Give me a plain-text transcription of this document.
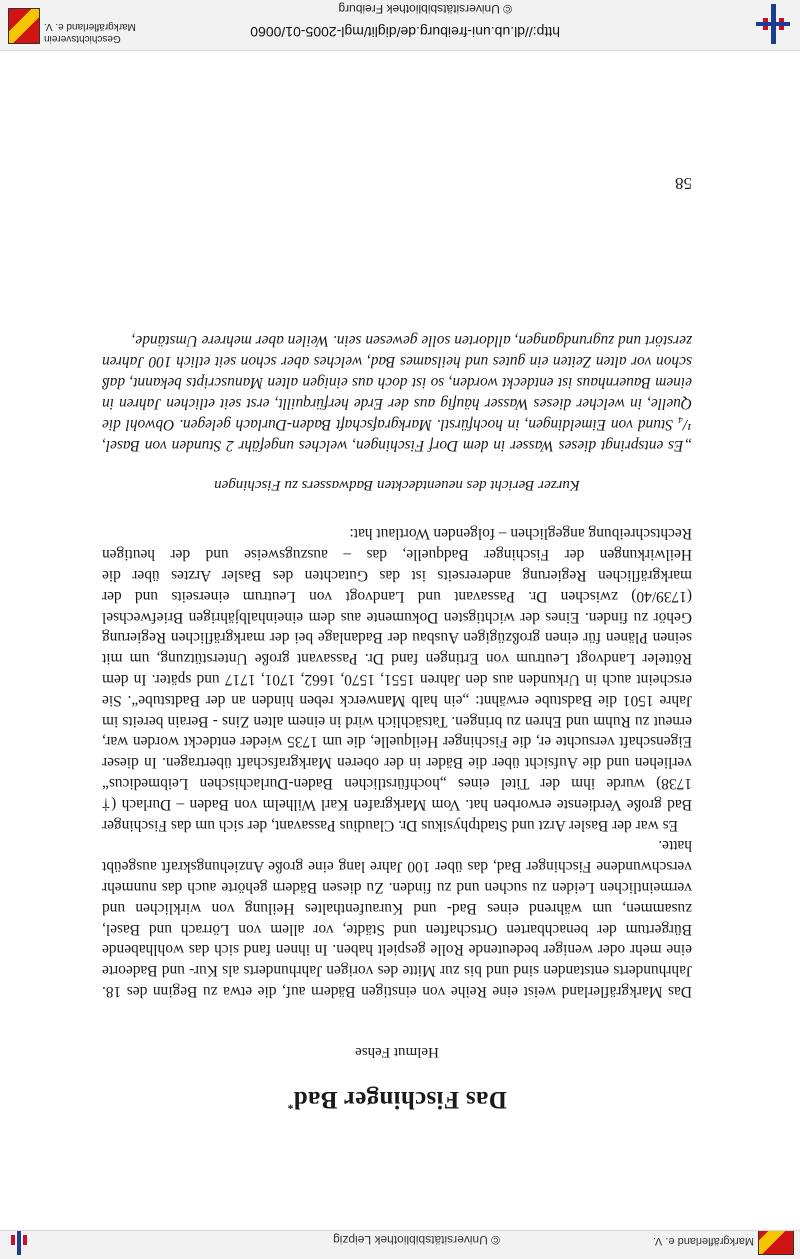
Markgräflerland e. V.
© Universitätsbibliothek Leipzig
Das Fischinger Bad*
Helmut Fehse

Das Markgräflerland weist eine Reihe von einstigen Bädern auf, die etwa zu Beginn des 18. Jahrhunderts entstanden sind und bis zur Mitte des vorigen Jahrhunderts als Kur- und Badeorte eine mehr oder weniger bedeutende Rolle gespielt haben. In ihnen fand sich das wohlhabende Bürgertum der benachbarten Ortschaften und Städte, vor allem von Lörrach und Basel, zusammen, um während eines Bad- und Kuraufenthaltes Heilung von wirklichen und vermeintlichen Leiden zu suchen und zu finden. Zu diesen Bädern gehörte auch das nunmehr verschwundene Fischinger Bad, das über 100 Jahre lang eine große Anziehungskraft ausgeübt hatte.

Es war der Basler Arzt und Stadtphysikus Dr. Claudius Passavant, der sich um das Fischinger Bad große Verdienste erworben hat. Vom Markgrafen Karl Wilhelm von Baden – Durlach († 1738) wurde ihm der Titel eines „hochfürstlichen Baden-Durlachischen Leibmedicus“ verliehen und die Aufsicht über die Bäder in der oberen Markgrafschaft übertragen. In dieser Eigenschaft versuchte er, die Fischinger Heilquelle, die um 1735 wieder entdeckt worden war, erneut zu Ruhm und Ehren zu bringen. Tatsächlich wird in einem alten Zins - Berain bereits im Jahre 1501 die Badstube erwähnt: „ein halb Manwerck reben hinden an der Badtstube“. Sie erscheint auch in Urkunden aus den Jahren 1551, 1570, 1662, 1701, 1717 und später. In dem Rötteler Landvogt Leutrum von Ertingen fand Dr. Passavant große Unterstützung, um mit seinen Plänen für einen großzügigen Ausbau der Badanlage bei der markgräflichen Regierung Gehör zu finden. Eines der wichtigsten Dokumente aus dem eineinhalbjährigen Briefwechsel (1739/40) zwischen Dr. Passavant und Landvogt von Leutrum einerseits und der markgräflichen Regierung andererseits ist das Gutachten des Basler Arztes über die Heilwirkungen der Fischinger Badquelle, das – auszugsweise und der heutigen Rechtschreibung angeglichen – folgenden Wortlaut hat:

Kurzer Bericht des neuentdeckten Badwassers zu Fischingen
„Es entspringt dieses Wasser in dem Dorf Fischingen, welches ungefähr 2 Stunden von Basel, ¹/₄ Stund von Eimeldingen, in hochfürstl. Markgrafschaft Baden-Durlach gelegen. Obwohl die Quelle, in welcher dieses Wasser häufig aus der Erde herfürquillt, erst seit etlichen Jahren in einem Bauernhaus ist entdeckt worden, so ist doch aus einigen alten Manuscripts bekannt, daß schon vor alten Zeiten ein gutes und heilsames Bad, welches aber schon seit etlich 100 Jahren zerstört und zugrundgangen, alldorten solle gewesen sein. Weilen aber mehrere Umstände,
58
http://dl.ub.uni-freiburg.de/diglit/mgl-2005-01/0060
© Universitätsbibliothek Freiburg
Geschichtsverein
Markgräflerland e. V.
